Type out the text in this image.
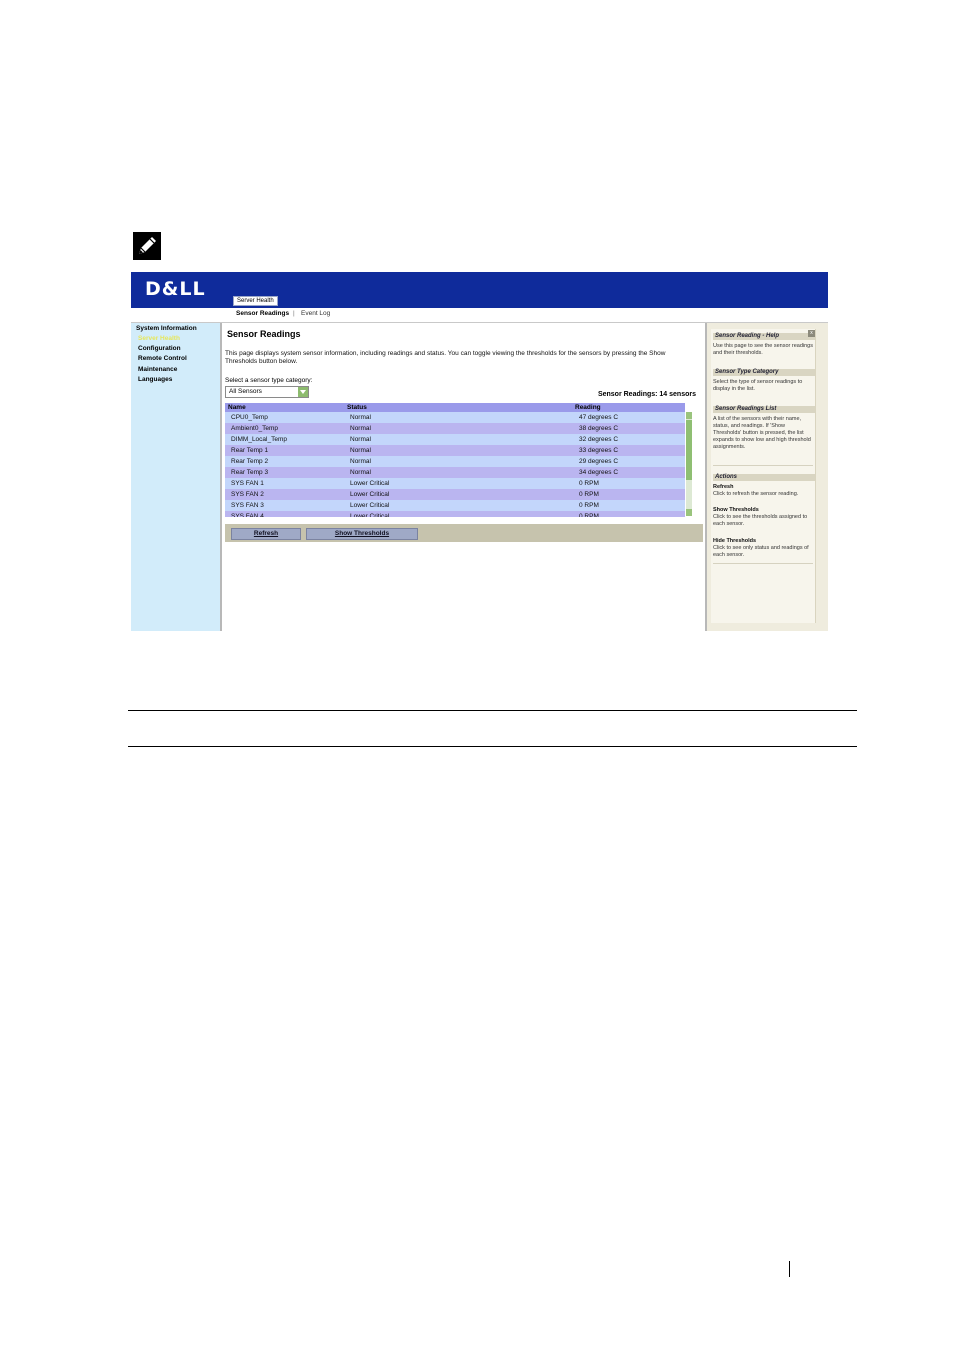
D&LL
Server Health
Sensor Readings | Event Log
System Information
Server Health
Configuration
Remote Control
Maintenance
Languages
Sensor Readings
This page displays system sensor information, including readings and status. You can toggle viewing the thresholds for the sensors by pressing the Show Thresholds button below.
Select a sensor type category:
All Sensors	Sensor Readings: 14 sensors
Name	Status	Reading
CPU0_Temp	Normal	47 degrees C
Ambient0_Temp	Normal	38 degrees C
DIMM_Local_Temp	Normal	32 degrees C
Rear Temp 1	Normal	33 degrees C
Rear Temp 2	Normal	29 degrees C
Rear Temp 3	Normal	34 degrees C
SYS FAN 1	Lower Critical	0 RPM
SYS FAN 2	Lower Critical	0 RPM
SYS FAN 3	Lower Critical	0 RPM
SYS FAN 4	Lower Critical	0 RPM
Refresh	Show Thresholds
Sensor Reading - Help	x
Use this page to see the sensor readings and their thresholds.
Sensor Type Category
Select the type of sensor readings to display in the list.
Sensor Readings List
A list of the sensors with their name, status, and readings. If 'Show Thresholds' button is pressed, the list expands to show low and high threshold assignments.
Actions
Refresh
Click to refresh the sensor reading.
Show Thresholds
Click to see the thresholds assigned to each sensor.
Hide Thresholds
Click to see only status and readings of each sensor.
